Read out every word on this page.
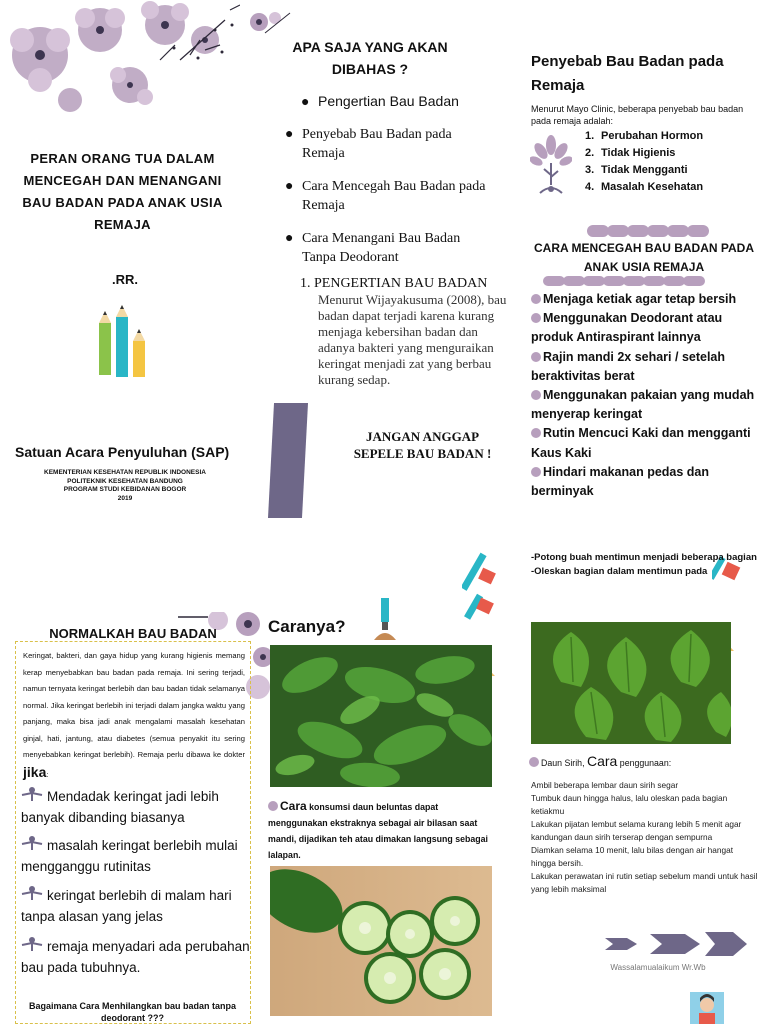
PERAN ORANG TUA DALAM MENCEGAH DAN MENANGANI BAU BADAN PADA ANAK USIA REMAJA
.RR.
Satuan Acara Penyuluhan (SAP)
KEMENTERIAN KESEHATAN REPUBLIK INDONESIA
POLITEKNIK KESEHATAN BANDUNG
PROGRAM STUDI KEBIDANAN BOGOR
2019
APA SAJA YANG AKAN DIBAHAS ?
● Pengertian Bau Badan
● Penyebab Bau Badan pada Remaja
● Cara Mencegah Bau Badan pada Remaja
● Cara Menangani Bau Badan Tanpa Deodorant
1. PENGERTIAN BAU BADAN
Menurut Wijayakusuma (2008), bau badan dapat terjadi karena kurang menjaga kebersihan badan dan adanya bakteri yang menguraikan keringat menjadi zat yang berbau kurang sedap.
JANGAN ANGGAP SEPELE BAU BADAN !
Penyebab Bau Badan pada Remaja
Menurut Mayo Clinic, beberapa penyebab bau badan pada remaja adalah:
1. Perubahan Hormon
2. Tidak Higienis
3. Tidak Mengganti
4. Masalah Kesehatan
CARA MENCEGAH BAU BADAN PADA ANAK USIA REMAJA
Menjaga ketiak agar tetap bersih
Menggunakan Deodorant atau produk Antiraspirant lainnya
Rajin mandi 2x sehari / setelah beraktivitas berat
Menggunakan pakaian yang mudah menyerap keringat
Rutin Mencuci Kaki dan mengganti Kaus Kaki
Hindari makanan pedas dan berminyak
-Potong buah mentimun menjadi beberapa bagian
-Oleskan bagian dalam mentimun pada
NORMALKAH BAU BADAN
Keringat, bakteri, dan gaya hidup yang kurang higienis memang kerap menyebabkan bau badan pada remaja. Ini sering terjadi, namun ternyata keringat berlebih dan bau badan tidak selamanya normal. Jika keringat berlebih ini terjadi dalam jangka waktu yang panjang, maka bisa jadi anak mengalami masalah kesehatan ginjal, hati, jantung, atau diabetes (semua penyakit itu sering menyebabkan keringat berlebih). Remaja perlu dibawa ke dokter jika:
Mendadak keringat jadi lebih banyak dibanding biasanya
masalah keringat berlebih mulai mengganggu rutinitas
keringat berlebih di malam hari tanpa alasan yang jelas
remaja menyadari ada perubahan bau pada tubuhnya.
Bagaimana Cara Menhilangkan bau badan tanpa deodorant ???
Caranya?
Cara konsumsi daun beluntas dapat menggunakan ekstraknya sebagai air bilasan saat mandi, dijadikan teh atau dimakan langsung sebagai lalapan.
Daun Sirih, Cara penggunaan:
Ambil beberapa lembar daun sirih segar
Tumbuk daun hingga halus, lalu oleskan pada bagian ketiakmu
Lakukan pijatan lembut selama kurang lebih 5 menit agar kandungan daun sirih terserap dengan sempurna
Diamkan selama 10 menit, lalu bilas dengan air hangat hingga bersih.
Lakukan perawatan ini rutin setiap sebelum mandi untuk hasil yang lebih maksimal
Wassalamualaikum Wr.Wb
